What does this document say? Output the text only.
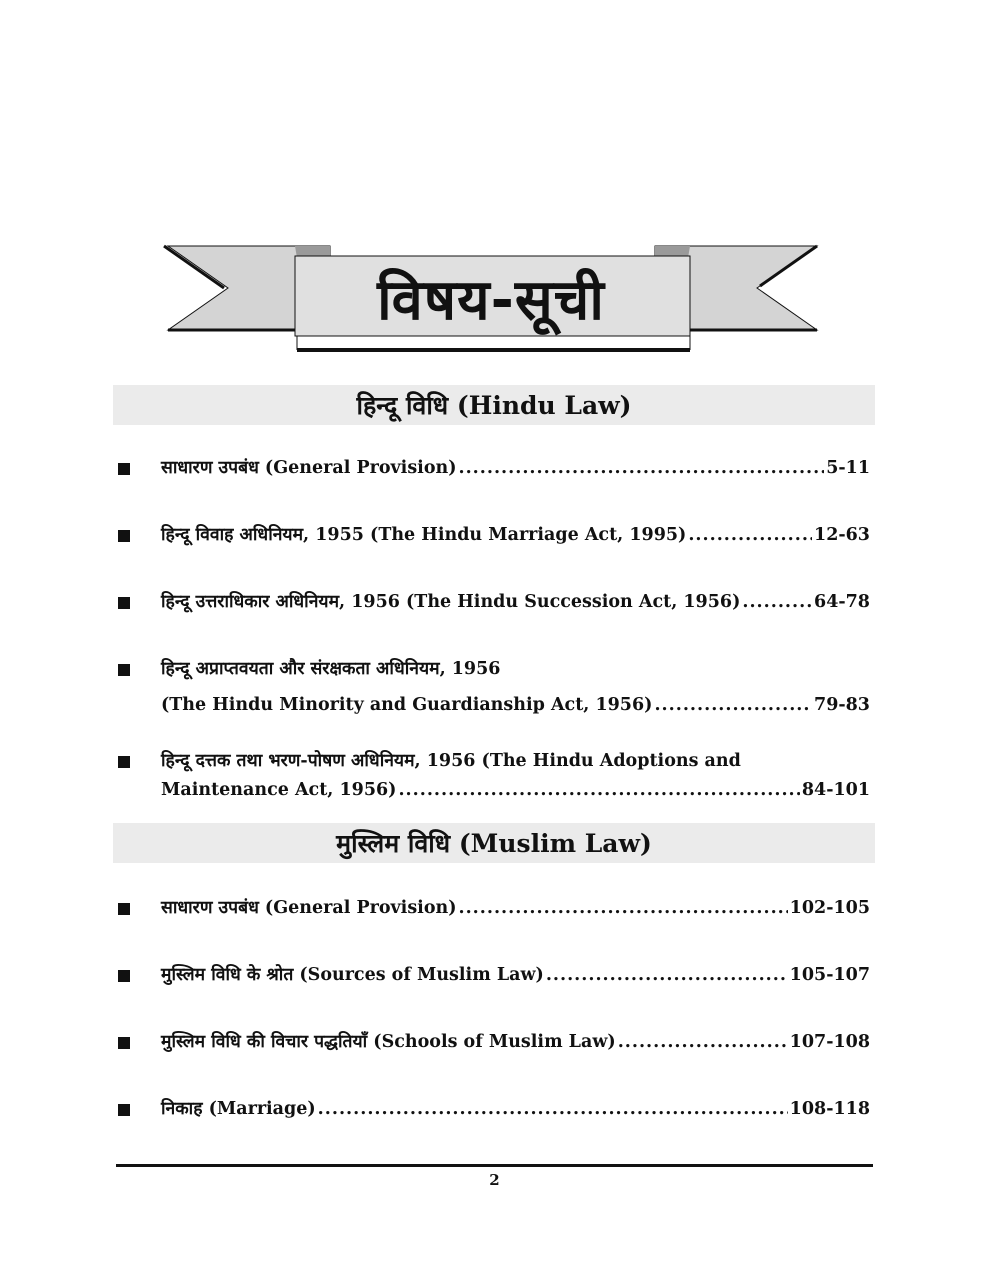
विषय-सूची
हिन्दू विधि (Hindu Law)
साधारण उपबंध (General Provision) .....	5-11
हिन्दू विवाह अधिनियम, 1955 (The Hindu Marriage Act, 1995) .....	12-63
हिन्दू उत्तराधिकार अधिनियम, 1956 (The Hindu Succession Act, 1956) .....	64-78
हिन्दू अप्राप्तवयता और संरक्षकता अधिनियम, 1956
(The Hindu Minority and Guardianship Act, 1956) .....	79-83
हिन्दू दत्तक तथा भरण-पोषण अधिनियम, 1956 (The Hindu Adoptions and
Maintenance Act, 1956) .....	84-101
मुस्लिम विधि (Muslim Law)
साधारण उपबंध (General Provision) .....	102-105
मुस्लिम विधि के श्रोत (Sources of Muslim Law) .....	105-107
मुस्लिम विधि की विचार पद्धतियाँ (Schools of Muslim Law) .....	107-108
निकाह (Marriage) .....	108-118
2
